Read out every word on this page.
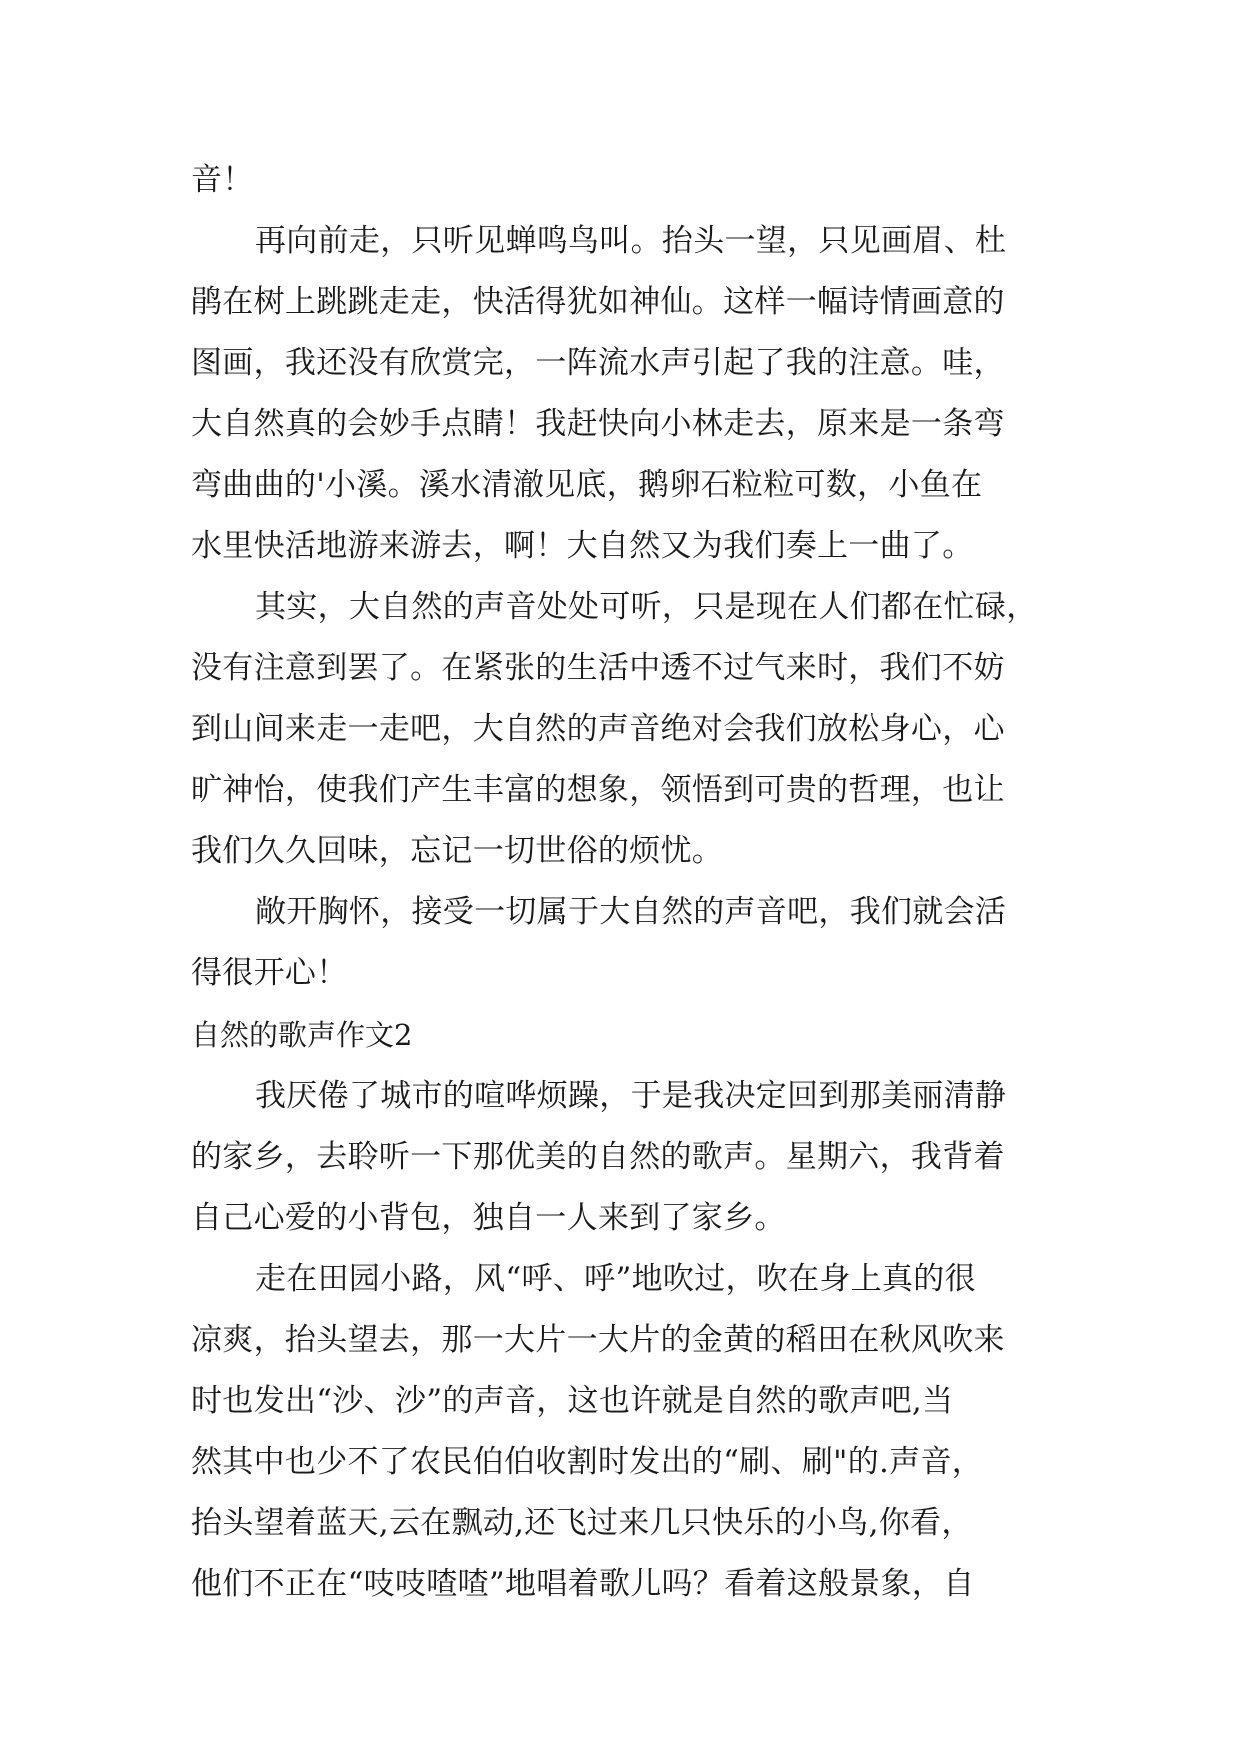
音！
再向前走，只听见蝉鸣鸟叫。抬头一望，只见画眉、杜
鹃在树上跳跳走走，快活得犹如神仙。这样一幅诗情画意的
图画，我还没有欣赏完，一阵流水声引起了我的注意。哇，
大自然真的会妙手点睛！我赶快向小林走去，原来是一条弯
弯曲曲的'小溪。溪水清澈见底，鹅卵石粒粒可数，小鱼在
水里快活地游来游去，啊！大自然又为我们奏上一曲了。
其实，大自然的声音处处可听，只是现在人们都在忙碌，
没有注意到罢了。在紧张的生活中透不过气来时，我们不妨
到山间来走一走吧，大自然的声音绝对会我们放松身心，心
旷神怡，使我们产生丰富的想象，领悟到可贵的哲理，也让
我们久久回味，忘记一切世俗的烦忧。
敞开胸怀，接受一切属于大自然的声音吧，我们就会活
得很开心！
自然的歌声作文2
我厌倦了城市的喧哗烦躁，于是我决定回到那美丽清静
的家乡，去聆听一下那优美的自然的歌声。星期六，我背着
自己心爱的小背包，独自一人来到了家乡。
走在田园小路，风“呼、呼”地吹过，吹在身上真的很
凉爽，抬头望去，那一大片一大片的金黄的稻田在秋风吹来
时也发出“沙、沙”的声音，这也许就是自然的歌声吧,当
然其中也少不了农民伯伯收割时发出的“刷、刷"的.声音，
抬头望着蓝天,云在飘动,还飞过来几只快乐的小鸟,你看，
他们不正在“吱吱喳喳”地唱着歌儿吗？看着这般景象，自
